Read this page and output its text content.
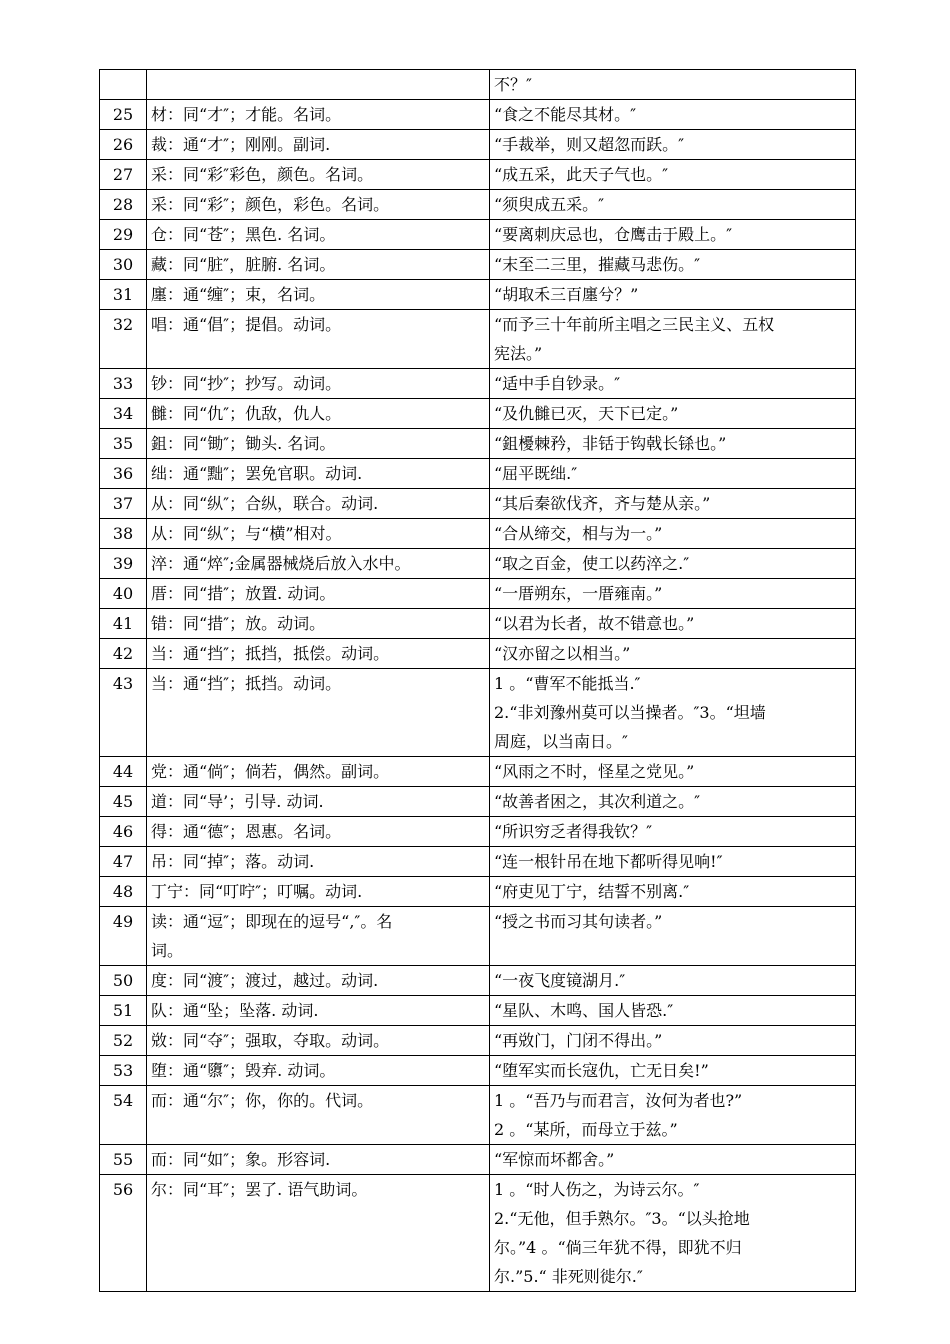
不？″

25	材：同“才″；才能。名词。	“食之不能尽其材。″

26	裁：通“才″；刚刚。副词.	“手裁举，则又超忽而跃。″

27	采：同“彩″彩色，颜色。名词。	“成五采，此天子气也。″

28	采：同“彩″；颜色，彩色。名词。	“须臾成五采。″

29	仓：同“苍″；黑色. 名词。	“要离刺庆忌也，仓鹰击于殿上。″

30	藏：同“脏″，脏腑. 名词。	“末至二三里，摧藏马悲伤。″

31	廛：通“缠″；束，名词。	“胡取禾三百廛兮？”

32	唱：通“倡″；提倡。动词。	“而予三十年前所主唱之三民主义、五权
宪法。”

33	钞：同“抄″；抄写。动词。	“适中手自钞录。″

34	雠：同“仇″；仇敌，仇人。	“及仇雠已灭，天下已定。”

35	鉏：同“锄″；锄头. 名词。	“鉏櫌棘矜，非铦于钩戟长铩也。”

36	绌：通“黜″；罢免官职。动词.	“屈平既绌.″

37	从：同“纵″；合纵，联合。动词.	“其后秦欲伐齐，齐与楚从亲。”

38	从：同“纵″；与“横”相对。	“合从缔交，相与为一。”

39	淬：通“焠″;金属器械烧后放入水中。	“取之百金，使工以药淬之.″

40	厝：同“措″；放置. 动词。	“一厝朔东，一厝雍南。”

41	错：同“措″；放。动词。	“以君为长者，故不错意也。”

42	当：通“挡″；抵挡，抵偿。动词。	“汉亦留之以相当。”

43	当：通“挡″；抵挡。动词。	1 。“曹军不能抵当.″
2.“非刘豫州莫可以当操者。″3。“坦墙
周庭，以当南日。″

44	党：通“倘″；倘若，偶然。副词。	“风雨之不时，怪星之党见。”

45	道：同“导’；引导. 动词.	“故善者困之，其次利道之。″

46	得：通“德″；恩惠。名词。	“所识穷乏者得我钦？″

47	吊：同“掉″；落。动词.	“连一根针吊在地下都听得见响!″

48	丁宁：同“叮咛″；叮嘱。动词.	“府吏见丁宁，结誓不别离.″

49	读：通“逗″；即现在的逗号“,″。名
词。	“授之书而习其句读者。”

50	度：同“渡″；渡过，越过。动词.	“一夜飞度镜湖月.″

51	队：通“坠；坠落. 动词.	“星队、木鸣、国人皆恐.″

52	敚：同“夺″；强取，夺取。动词。	“再敚门，门闭不得出。”

53	堕：通“隳″；毁弃. 动词。	“堕军实而长寇仇，亡无日矣!”

54	而：通“尔″；你，你的。代词。	1 。“吾乃与而君言，汝何为者也?”
2 。“某所，而母立于兹。”

55	而：同“如″；象。形容词.	“军惊而坏都舍。”

56	尔：同“耳″；罢了. 语气助词。	1 。“时人伤之，为诗云尔。″
2.“无他，但手熟尔。″3。“以头抢地
尔。”4 。“倘三年犹不得，即犹不归
尔.”5.“ 非死则徙尔.″
